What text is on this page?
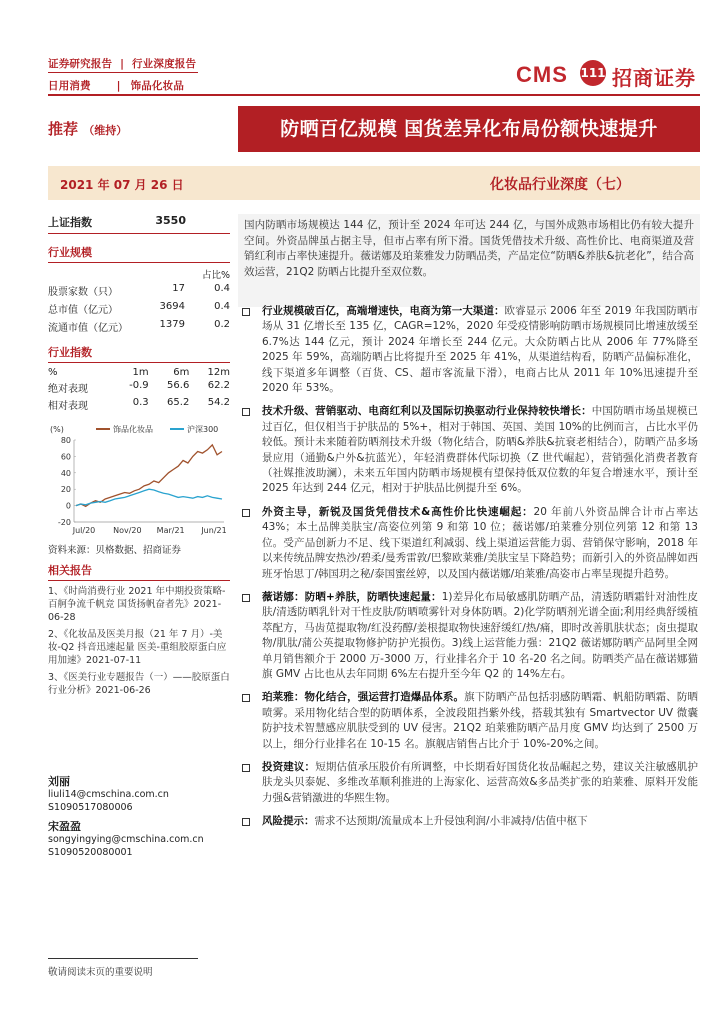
证券研究报告 | 行业深度报告
日用消费 | 饰品化妆品	CMS 111 招商证券
推荐 （维持）	防晒百亿规模 国货差异化布局份额快速提升
2021 年 07 月 26 日	化妆品行业深度（七）
上证指数	3550
行业规模
占比%
股票家数（只）	17	0.4
总市值（亿元）	3694	0.4
流通市值（亿元）	1379	0.2
行业指数
%	1m	6m	12m
绝对表现	-0.9	56.6	62.2
相对表现	0.3	65.2	54.2
(%)	饰品化妆品	沪深300
80
60
40
20
0
-20
Jul/20 Nov/20 Mar/21 Jun/21
资料来源：贝格数据、招商证券
相关报告
1、《时尚消费行业 2021 年中期投资策略-百舸争流千帆竞 国货扬帆奋者先》2021-06-28
2、《化妆品及医美月报（21 年 7 月）-美妆-Q2 抖音迅速起量 医美-重组胶原蛋白应用加速》2021-07-11
3、《医美行业专题报告（一）——胶原蛋白行业分析》2021-06-26
刘丽
liuli14@cmschina.com.cn
S1090517080006
宋盈盈
songyingying@cmschina.com.cn
S1090520080001
国内防晒市场规模达 144 亿，预计至 2024 年可达 244 亿，与国外成熟市场相比仍有较大提升空间。外资品牌虽占据主导，但市占率有所下滑。国货凭借技术升级、高性价比、电商渠道及营销红利市占率快速提升。薇诺娜及珀莱雅发力防晒品类，产品定位“防晒&养肤&抗老化”，结合高效运营，21Q2 防晒占比提升至双位数。
行业规模破百亿，高端增速快，电商为第一大渠道：欧睿显示 2006 年至 2019 年我国防晒市场从 31 亿增长至 135 亿，CAGR=12%，2020 年受疫情影响防晒市场规模同比增速放缓至 6.7%达 144 亿元，预计 2024 年增长至 244 亿元。大众防晒占比从 2006 年 77%降至 2025 年 59%，高端防晒占比将提升至 2025 年 41%，从渠道结构看，防晒产品偏标准化，线下渠道多年调整（百货、CS、超市客流量下滑），电商占比从 2011 年 10%迅速提升至 2020 年 53%。
技术升级、营销驱动、电商红利以及国际切换驱动行业保持较快增长：中国防晒市场虽规模已过百亿，但仅相当于护肤品的 5%+，相对于韩国、英国、美国 10%的比例而言，占比水平仍较低。预计未来随着防晒剂技术升级（物化结合，防晒&养肤&抗衰老相结合），防晒产品多场景应用（通勤&户外&抗蓝光），年轻消费群体代际切换（Z 世代崛起），营销强化消费者教育（社媒推波助澜），未来五年国内防晒市场规模有望保持低双位数的年复合增速水平，预计至 2025 年达到 244 亿元，相对于护肤品比例提升至 6%。
外资主导，新锐及国货凭借技术&高性价比快速崛起：20 年前八外资品牌合计市占率达 43%；本土品牌美肤宝/高姿位列第 9 和第 10 位；薇诺娜/珀莱雅分别位列第 12 和第 13 位。受产品创新力不足、线下渠道红利减弱、线上渠道运营能力弱、营销保守影响，2018 年以来传统品牌安热沙/碧柔/曼秀雷敦/巴黎欧莱雅/美肤宝呈下降趋势；而新引入的外资品牌如西班牙怡思丁/韩国玥之秘/泰国蜜丝婷，以及国内薇诺娜/珀莱雅/高姿市占率呈现提升趋势。
薇诺娜：防晒+养肤，防晒快速起量：1)差异化布局敏感肌防晒产品，清透防晒霜针对油性皮肤/清透防晒乳针对干性皮肤/防晒喷雾针对身体防晒。2)化学防晒剂光谱全面;利用经典舒缓植萃配方，马齿苋提取物/红没药醇/姜根提取物快速舒缓红/热/痛，即时改善肌肤状态；卤虫提取物/肌肽/蒲公英提取物修护防护光损伤。3)线上运营能力强：21Q2 薇诺娜防晒产品阿里全网单月销售额介于 2000 万-3000 万，行业排名介于 10 名-20 名之间。防晒类产品在薇诺娜猫旗 GMV 占比也从去年同期 6%左右提升至今年 Q2 的 14%左右。
珀莱雅：物化结合，强运营打造爆品体系。旗下防晒产品包括羽感防晒霜、帆船防晒霜、防晒喷雾。采用物化结合型的防晒体系，全波段阻挡紫外线，搭载其独有 Smartvector UV 微囊防护技术智慧感应肌肤受到的 UV 侵害。21Q2 珀莱雅防晒产品月度 GMV 均达到了 2500 万以上，细分行业排名在 10-15 名。旗舰店销售占比介于 10%-20%之间。
投资建议：短期估值承压股价有所调整，中长期看好国货化妆品崛起之势，建议关注敏感肌护肤龙头贝泰妮、多维改革顺利推进的上海家化、运营高效&多品类扩张的珀莱雅、原料开发能力强&营销激进的华熙生物。
风险提示：需求不达预期/流量成本上升侵蚀利润/小非减持/估值中枢下
敬请阅读末页的重要说明
